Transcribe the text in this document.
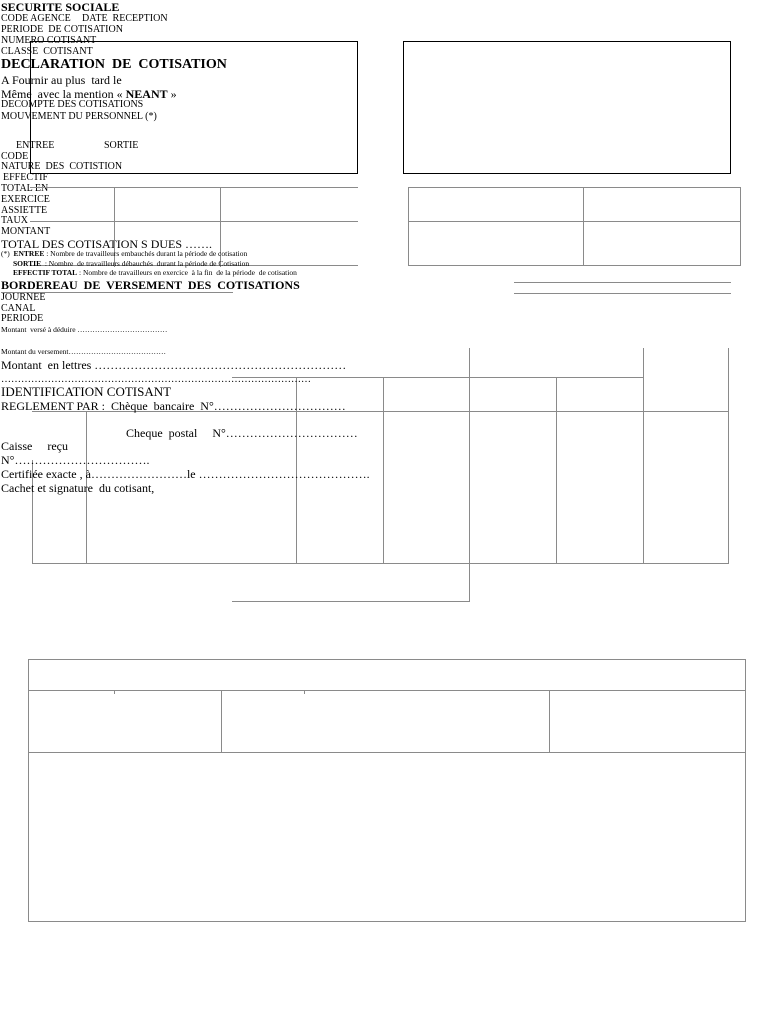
SECURITE SOCIALE
CODE AGENCE DATE  RECEPTION
PERIODE  DE COTISATION
NUMERO COTISANT
CLASSE  COTISANT
DECLARATION  DE  COTISATION
A Fournir au plus  tard le
Même  avec la mention « NEANT »
DECOMPTE DES COTISATIONS
MOUVEMENT DU PERSONNEL (*)
ENTREE	SORTIE
CODE
NATURE  DES  COTISTION
EFFECTIF
TOTAL EN
EXERCICE
ASSIETTE
TAUX
MONTANT
TOTAL DES COTISATION S DUES …….
(*) ENTREE : Nombre de travailleurs embauchés durant la période de cotisation
SORTIE  : Nombre  de travailleurs débauchés  durant la période de Cotisation
EFFECTIF TOTAL : Nombre de travailleurs en exercice  à la fin  de la période  de cotisation
BORDEREAU  DE  VERSEMENT  DES  COTISATIONS
JOURNEE
CANAL
PERIODE
Montant  versé à déduire ………………………………
Montant du versement…………………………………
Montant  en lettres ………………………………………………………
…………………………………………………………………………………
IDENTIFICATION COTISANT
REGLEMENT PAR :  Chèque  bancaire  N°……………………………
Cheque  postal     N°……………………………
Caisse     reçu
N°…………………………….
Certifiée exacte , à……………………le …………………………………….
Cachet et signature  du cotisant,
